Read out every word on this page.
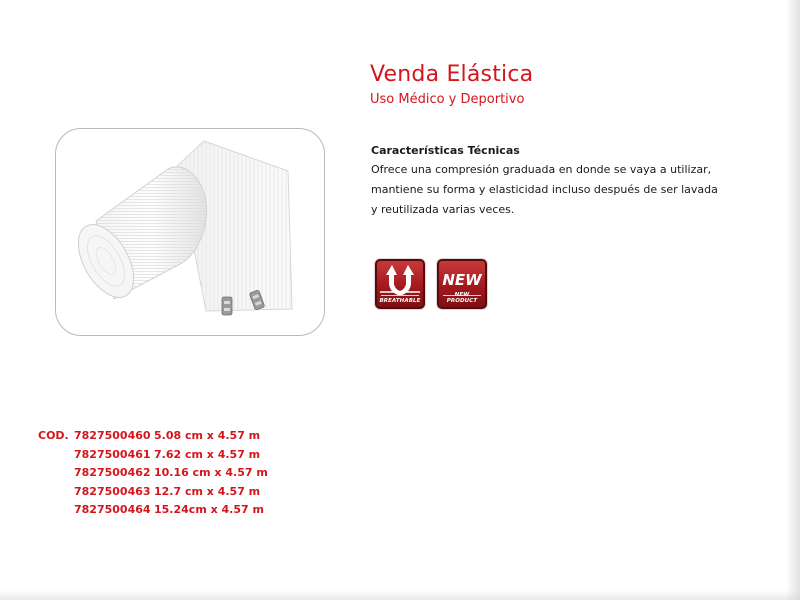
Venda Elástica
Uso Médico y Deportivo
Características Técnicas
Ofrece una compresión graduada en donde se vaya a utilizar,
mantiene su forma y elasticidad incluso después de ser lavada
y reutilizada varias veces.
BREATHABLE
NEW
NEW PRODUCT
COD. 7827500460 5.08 cm x 4.57 m
7827500461 7.62 cm x 4.57 m
7827500462 10.16 cm x 4.57 m
7827500463 12.7 cm x 4.57 m
7827500464 15.24cm x 4.57 m
